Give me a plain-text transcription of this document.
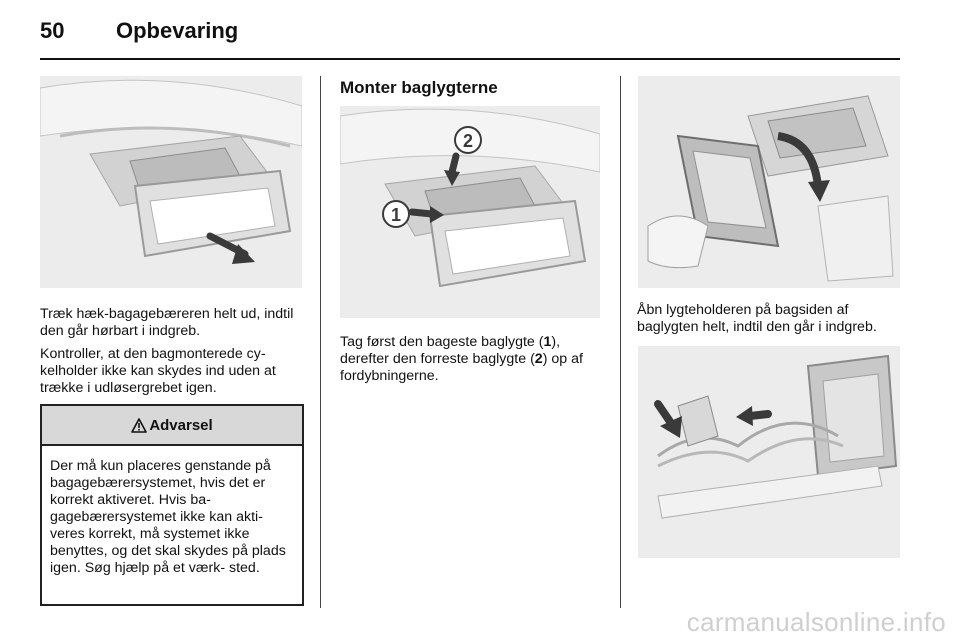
50 Opbevaring

Træk hæk-bagagebæreren helt ud, indtil den går hørbart i indgreb.

Kontroller, at den bagmonterede cy- kelholder ikke kan skydes ind uden at trække i udløsergrebet igen.

Advarsel

Der må kun placeres genstande på bagagebærersystemet, hvis det er korrekt aktiveret. Hvis ba- gagebærersystemet ikke kan akti- veres korrekt, må systemet ikke benyttes, og det skal skydes på plads igen. Søg hjælp på et værk- sted.

Monter baglygterne
1
2

Tag først den bageste baglygte (1), derefter den forreste baglygte (2) op af fordybningerne.

Åbn lygteholderen på bagsiden af baglygten helt, indtil den går i indgreb.

carmanualsonline.info
